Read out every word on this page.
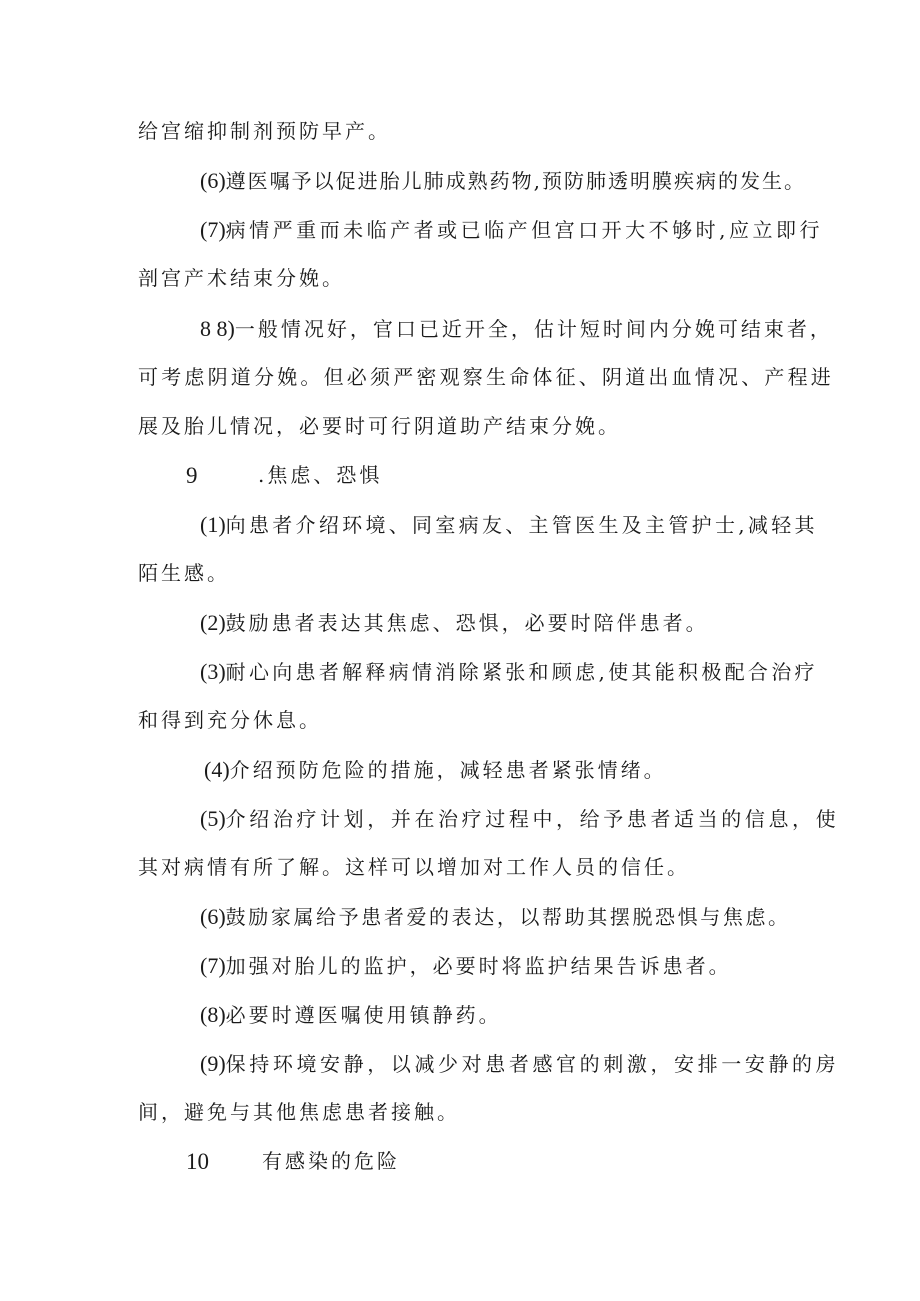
给宫缩抑制剂预防早产。
(6)遵医嘱予以促进胎儿肺成熟药物,预防肺透明膜疾病的发生。
(7)病情严重而未临产者或已临产但宫口开大不够时,应立即行
剖宫产术结束分娩。
8 8)一般情况好，官口已近开全，估计短时间内分娩可结束者，
可考虑阴道分娩。但必须严密观察生命体征、阴道出血情况、产程进
展及胎儿情况，必要时可行阴道助产结束分娩。
9	.焦虑、恐惧
(1)向患者介绍环境、同室病友、主管医生及主管护士,减轻其
陌生感。
(2)鼓励患者表达其焦虑、恐惧，必要时陪伴患者。
(3)耐心向患者解释病情消除紧张和顾虑,使其能积极配合治疗
和得到充分休息。
(4)介绍预防危险的措施，减轻患者紧张情绪。
(5)介绍治疗计划，并在治疗过程中，给予患者适当的信息，使
其对病情有所了解。这样可以增加对工作人员的信任。
(6)鼓励家属给予患者爱的表达，以帮助其摆脱恐惧与焦虑。
(7)加强对胎儿的监护，必要时将监护结果告诉患者。
(8)必要时遵医嘱使用镇静药。
(9)保持环境安静，以减少对患者感官的刺激，安排一安静的房
间，避免与其他焦虑患者接触。
10	有感染的危险
